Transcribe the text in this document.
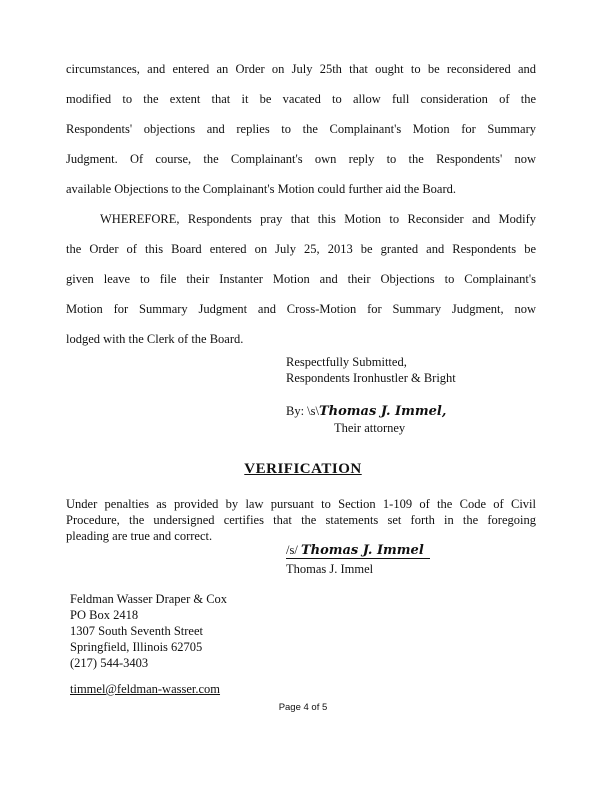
circumstances, and entered an Order on July 25th that ought to be reconsidered and
modified to the extent that it be vacated to allow full consideration of the
Respondents' objections and replies to the Complainant's Motion for Summary
Judgment. Of course, the Complainant's own reply to the Respondents' now
available Objections to the Complainant's Motion could further aid the Board.
WHEREFORE, Respondents pray that this Motion to Reconsider and Modify
the Order of this Board entered on July 25, 2013 be granted and Respondents be
given leave to file their Instanter Motion and their Objections to Complainant's
Motion for Summary Judgment and Cross-Motion for Summary Judgment, now
lodged with the Clerk of the Board.
Respectfully Submitted,
Respondents Ironhustler & Bright
By: \s\Thomas J. Immel,
Their attorney
VERIFICATION
Under penalties as provided by law pursuant to Section 1-109 of the Code of Civil
Procedure, the undersigned certifies that the statements set forth in the foregoing
pleading are true and correct.
/s/ Thomas J. Immel
Thomas J. Immel
Feldman Wasser Draper & Cox
PO Box 2418
1307 South Seventh Street
Springfield, Illinois 62705
(217) 544-3403
timmel@feldman-wasser.com
Page 4 of 5
